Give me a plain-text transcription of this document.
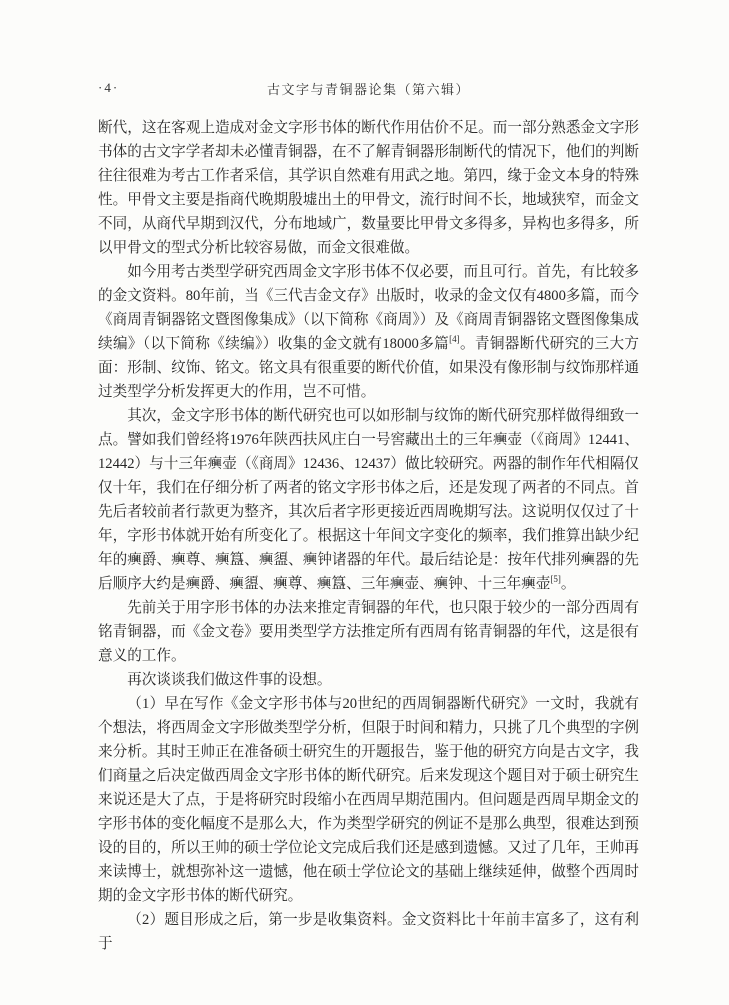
·4·	古文字与青铜器论集（第六辑）

断代，这在客观上造成对金文字形书体的断代作用估价不足。而一部分熟悉金文字形书体的古文字学者却未必懂青铜器，在不了解青铜器形制断代的情况下，他们的判断往往很难为考古工作者采信，其学识自然难有用武之地。第四，缘于金文本身的特殊性。甲骨文主要是指商代晚期殷墟出土的甲骨文，流行时间不长，地域狭窄，而金文不同，从商代早期到汉代，分布地域广，数量要比甲骨文多得多，异构也多得多，所以甲骨文的型式分析比较容易做，而金文很难做。

如今用考古类型学研究西周金文字形书体不仅必要，而且可行。首先，有比较多的金文资料。80年前，当《三代吉金文存》出版时，收录的金文仅有4800多篇，而今《商周青铜器铭文暨图像集成》（以下简称《商周》）及《商周青铜器铭文暨图像集成续编》（以下简称《续编》）收集的金文就有18000多篇[4]。青铜器断代研究的三大方面：形制、纹饰、铭文。铭文具有很重要的断代价值，如果没有像形制与纹饰那样通过类型学分析发挥更大的作用，岂不可惜。

其次，金文字形书体的断代研究也可以如形制与纹饰的断代研究那样做得细致一点。譬如我们曾经将1976年陕西扶风庄白一号窖藏出土的三年𤼈壶（《商周》12441、12442）与十三年𤼈壶（《商周》12436、12437）做比较研究。两器的制作年代相隔仅仅十年，我们在仔细分析了两者的铭文字形书体之后，还是发现了两者的不同点。首先后者较前者行款更为整齐，其次后者字形更接近西周晚期写法。这说明仅仅过了十年，字形书体就开始有所变化了。根据这十年间文字变化的频率，我们推算出缺少纪年的𤼈爵、𤼈尊、𤼈簋、𤼈盨、𤼈钟诸器的年代。最后结论是：按年代排列𤼈器的先后顺序大约是𤼈爵、𤼈盨、𤼈尊、𤼈簋、三年𤼈壶、𤼈钟、十三年𤼈壶[5]。

先前关于用字形书体的办法来推定青铜器的年代，也只限于较少的一部分西周有铭青铜器，而《金文卷》要用类型学方法推定所有西周有铭青铜器的年代，这是很有意义的工作。

再次谈谈我们做这件事的设想。

（1）早在写作《金文字形书体与20世纪的西周铜器断代研究》一文时，我就有个想法，将西周金文字形做类型学分析，但限于时间和精力，只挑了几个典型的字例来分析。其时王帅正在准备硕士研究生的开题报告，鉴于他的研究方向是古文字，我们商量之后决定做西周金文字形书体的断代研究。后来发现这个题目对于硕士研究生来说还是大了点，于是将研究时段缩小在西周早期范围内。但问题是西周早期金文的字形书体的变化幅度不是那么大，作为类型学研究的例证不是那么典型，很难达到预设的目的，所以王帅的硕士学位论文完成后我们还是感到遗憾。又过了几年，王帅再来读博士，就想弥补这一遗憾，他在硕士学位论文的基础上继续延伸，做整个西周时期的金文字形书体的断代研究。

（2）题目形成之后，第一步是收集资料。金文资料比十年前丰富多了，这有利于
